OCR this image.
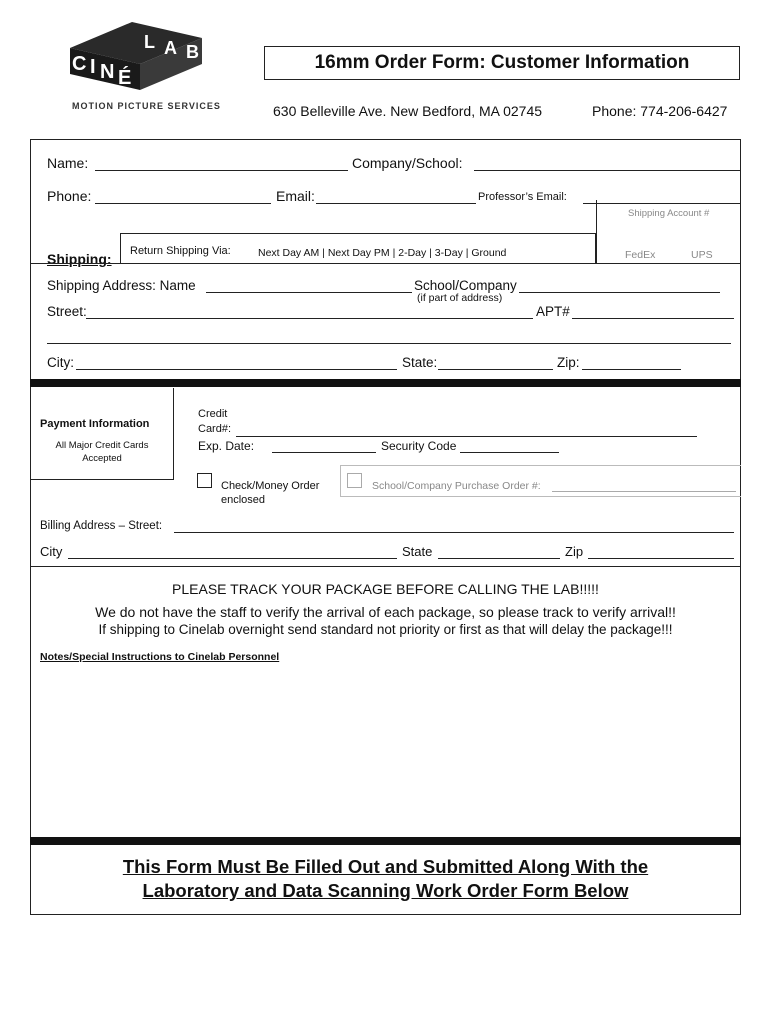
L A B
C I N É
MOTION PICTURE SERVICES
16mm Order Form: Customer Information
630 Belleville Ave. New Bedford, MA 02745	Phone: 774-206-6427
Name:	Company/School:
Phone:	Email:	Professor’s Email:
Shipping Account #
Return Shipping Via:	Next Day AM | Next Day PM | 2-Day | 3-Day | Ground	FedEx	UPS
Shipping:
Shipping Address: Name	School/Company
(if part of address)
Street:	APT#
City:	State:	Zip:
Payment Information
All Major Credit Cards
Accepted
Credit
Card#:
Exp. Date:	Security Code
Check/Money Order
enclosed
School/Company Purchase Order #:
Billing Address – Street:
City	State	Zip
PLEASE TRACK YOUR PACKAGE BEFORE CALLING THE LAB!!!!!
We do not have the staff to verify the arrival of each package, so please track to verify arrival!!
If shipping to Cinelab overnight send standard not priority or first as that will delay the package!!!
Notes/Special Instructions to Cinelab Personnel
This Form Must Be Filled Out and Submitted Along With the
Laboratory and Data Scanning Work Order Form Below
